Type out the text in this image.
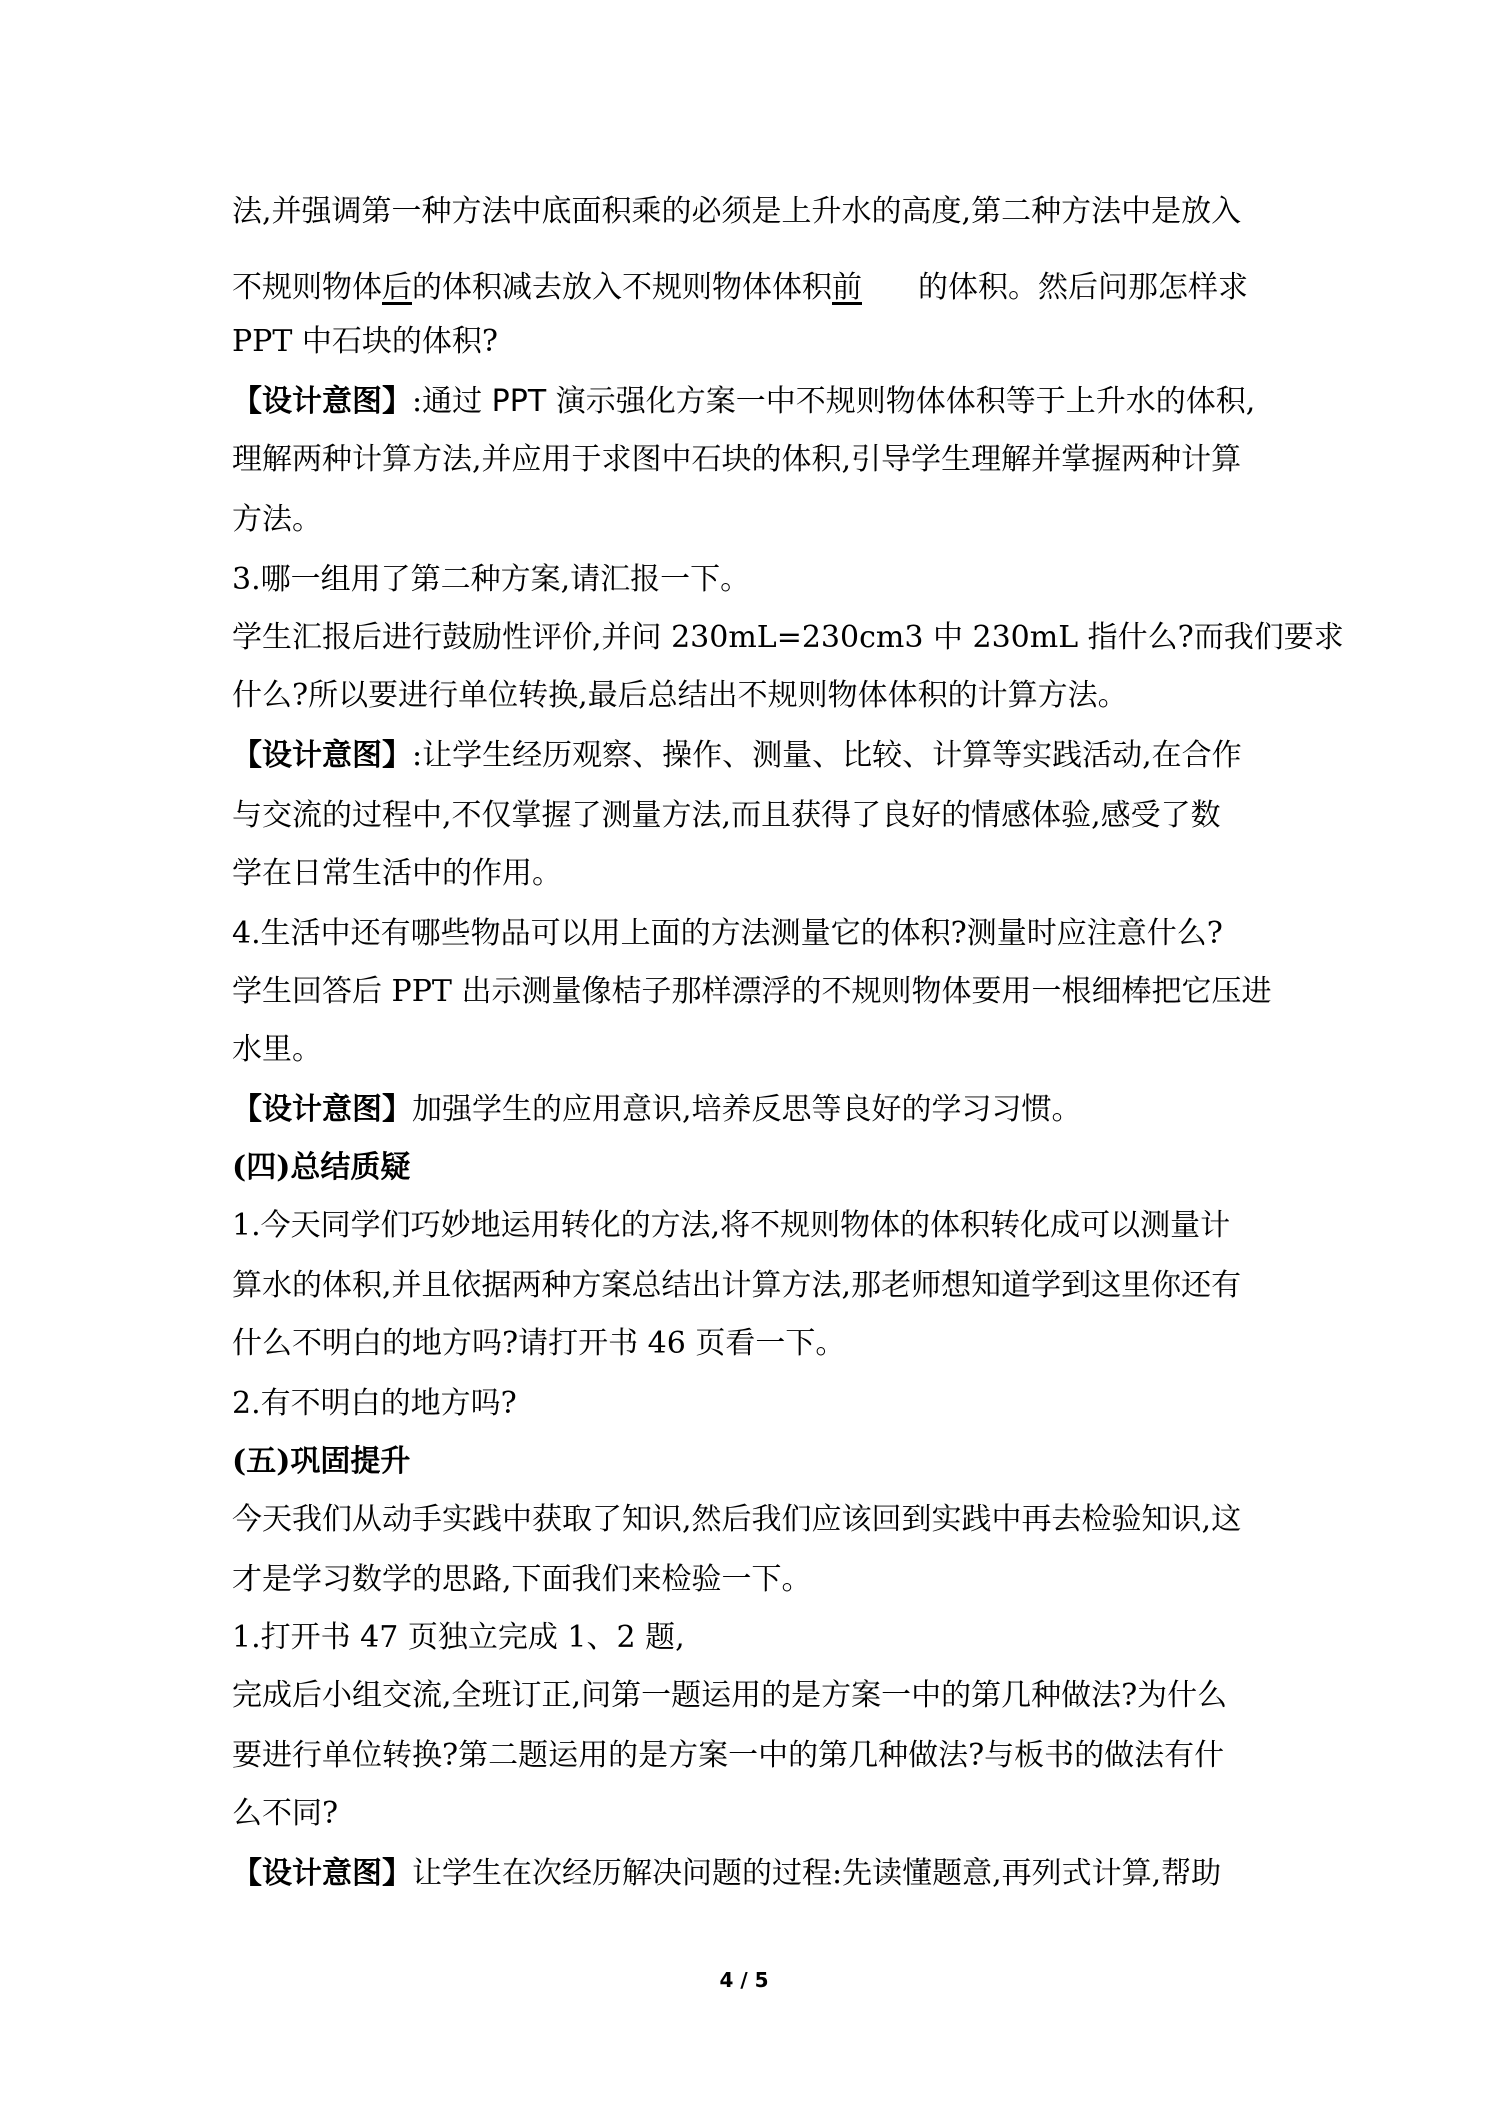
法,并强调第一种方法中底面积乘的必须是上升水的高度,第二种方法中是放入
不规则物体后的体积减去放入不规则物体体积前 的体积。然后问那怎样求
PPT 中石块的体积?
【设计意图】:通过 PPT 演示强化方案一中不规则物体体积等于上升水的体积,
理解两种计算方法,并应用于求图中石块的体积,引导学生理解并掌握两种计算
方法。
3.哪一组用了第二种方案,请汇报一下。
学生汇报后进行鼓励性评价,并问 230mL=230cm3 中 230mL 指什么?而我们要求
什么?所以要进行单位转换,最后总结出不规则物体体积的计算方法。
【设计意图】:让学生经历观察、操作、测量、比较、计算等实践活动,在合作
与交流的过程中,不仅掌握了测量方法,而且获得了良好的情感体验,感受了数
学在日常生活中的作用。
4.生活中还有哪些物品可以用上面的方法测量它的体积?测量时应注意什么?
学生回答后 PPT 出示测量像桔子那样漂浮的不规则物体要用一根细棒把它压进
水里。
【设计意图】加强学生的应用意识,培养反思等良好的学习习惯。
(四)总结质疑
1.今天同学们巧妙地运用转化的方法,将不规则物体的体积转化成可以测量计
算水的体积,并且依据两种方案总结出计算方法,那老师想知道学到这里你还有
什么不明白的地方吗?请打开书 46 页看一下。
2.有不明白的地方吗?
(五)巩固提升
今天我们从动手实践中获取了知识,然后我们应该回到实践中再去检验知识,这
才是学习数学的思路,下面我们来检验一下。
1.打开书 47 页独立完成 1、2 题,
完成后小组交流,全班订正,问第一题运用的是方案一中的第几种做法?为什么
要进行单位转换?第二题运用的是方案一中的第几种做法?与板书的做法有什
么不同?
【设计意图】让学生在次经历解决问题的过程:先读懂题意,再列式计算,帮助
4 / 5
